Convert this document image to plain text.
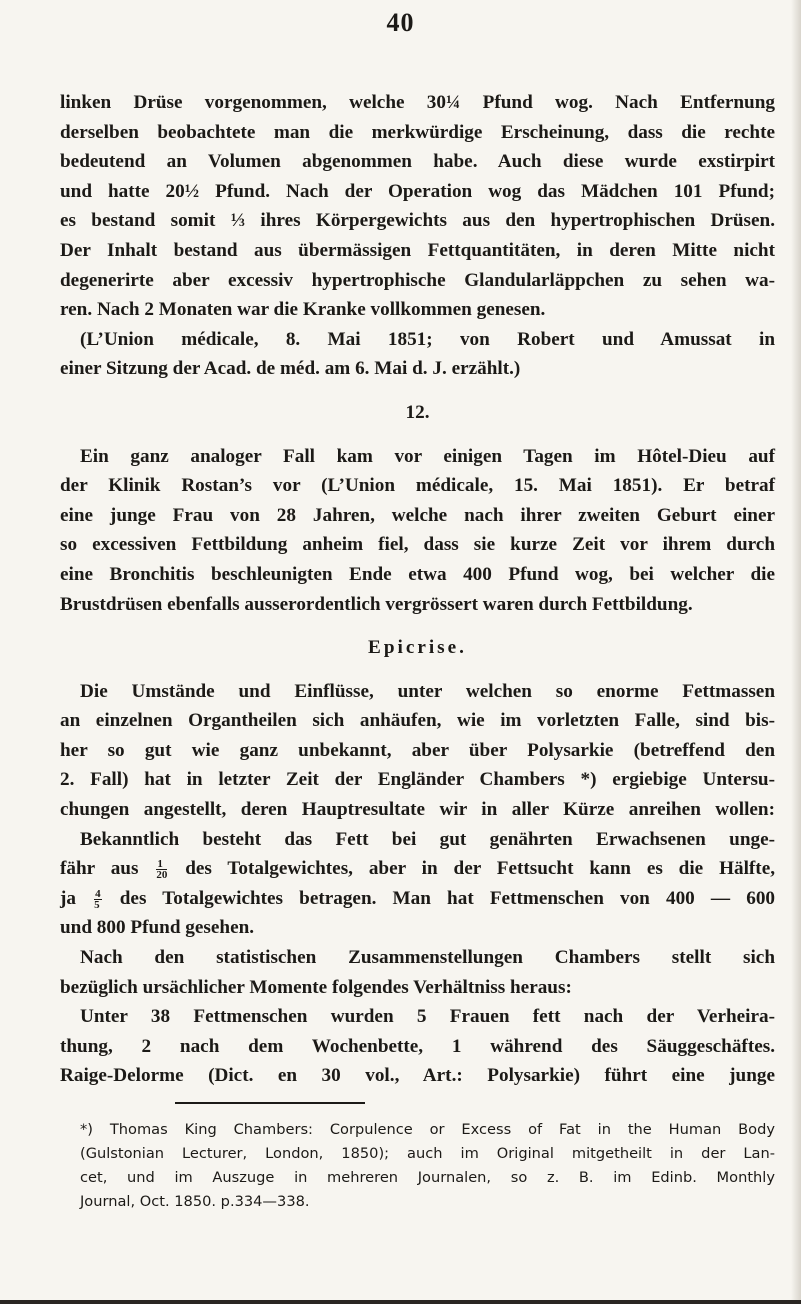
40
linken Drüse vorgenommen, welche 30¼ Pfund wog. Nach Entfernung
derselben beobachtete man die merkwürdige Erscheinung, dass die rechte
bedeutend an Volumen abgenommen habe. Auch diese wurde exstirpirt
und hatte 20½ Pfund. Nach der Operation wog das Mädchen 101 Pfund;
es bestand somit ⅓ ihres Körpergewichts aus den hypertrophischen Drüsen.
Der Inhalt bestand aus übermässigen Fettquantitäten, in deren Mitte nicht
degenerirte aber excessiv hypertrophische Glandularläppchen zu sehen wa-
ren. Nach 2 Monaten war die Kranke vollkommen genesen.
(L’Union médicale, 8. Mai 1851; von Robert und Amussat in
einer Sitzung der Acad. de méd. am 6. Mai d. J. erzählt.)
12.
Ein ganz analoger Fall kam vor einigen Tagen im Hôtel-Dieu auf
der Klinik Rostan’s vor (L’Union médicale, 15. Mai 1851). Er betraf
eine junge Frau von 28 Jahren, welche nach ihrer zweiten Geburt einer
so excessiven Fettbildung anheim fiel, dass sie kurze Zeit vor ihrem durch
eine Bronchitis beschleunigten Ende etwa 400 Pfund wog, bei welcher die
Brustdrüsen ebenfalls ausserordentlich vergrössert waren durch Fettbildung.
Epicrise.
Die Umstände und Einflüsse, unter welchen so enorme Fettmassen
an einzelnen Organtheilen sich anhäufen, wie im vorletzten Falle, sind bis-
her so gut wie ganz unbekannt, aber über Polysarkie (betreffend den
2. Fall) hat in letzter Zeit der Engländer Chambers *) ergiebige Untersu-
chungen angestellt, deren Hauptresultate wir in aller Kürze anreihen wollen:
Bekanntlich besteht das Fett bei gut genährten Erwachsenen unge-
fähr aus $\frac{1}{20}$ des Totalgewichtes, aber in der Fettsucht kann es die Hälfte,
ja $\frac{4}{5}$ des Totalgewichtes betragen. Man hat Fettmenschen von 400 — 600
und 800 Pfund gesehen.
Nach den statistischen Zusammenstellungen Chambers stellt sich
bezüglich ursächlicher Momente folgendes Verhältniss heraus:
Unter 38 Fettmenschen wurden 5 Frauen fett nach der Verheira-
thung, 2 nach dem Wochenbette, 1 während des Säuggeschäftes.
Raige-Delorme (Dict. en 30 vol., Art.: Polysarkie) führt eine junge
*) Thomas King Chambers: Corpulence or Excess of Fat in the Human Body
(Gulstonian Lecturer, London, 1850); auch im Original mitgetheilt in der Lan-
cet, und im Auszuge in mehreren Journalen, so z. B. im Edinb. Monthly
Journal, Oct. 1850. p.334—338.
